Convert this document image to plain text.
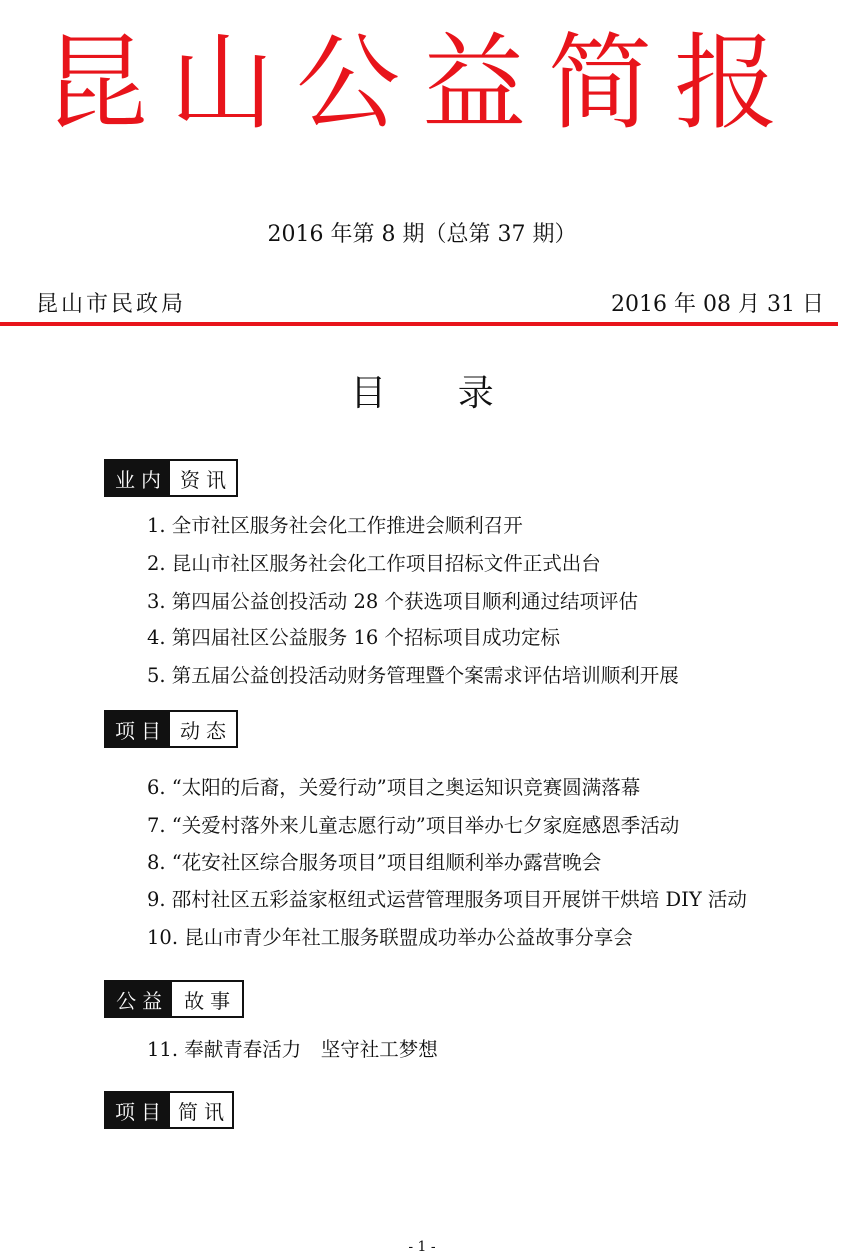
昆山公益简报
2016 年第 8 期（总第 37 期）
昆山市民政局	2016 年 08 月 31 日
目 录
业内 资讯
1. 全市社区服务社会化工作推进会顺利召开
2. 昆山市社区服务社会化工作项目招标文件正式出台
3. 第四届公益创投活动 28 个获选项目顺利通过结项评估
4. 第四届社区公益服务 16 个招标项目成功定标
5. 第五届公益创投活动财务管理暨个案需求评估培训顺利开展
项目 动态
6. “太阳的后裔，关爱行动”项目之奥运知识竞赛圆满落幕
7. “关爱村落外来儿童志愿行动”项目举办七夕家庭感恩季活动
8. “花安社区综合服务项目”项目组顺利举办露营晚会
9. 邵村社区五彩益家枢纽式运营管理服务项目开展饼干烘培 DIY 活动
10. 昆山市青少年社工服务联盟成功举办公益故事分享会
公益 故事
11. 奉献青春活力　坚守社工梦想
项目 简讯
- 1 -
